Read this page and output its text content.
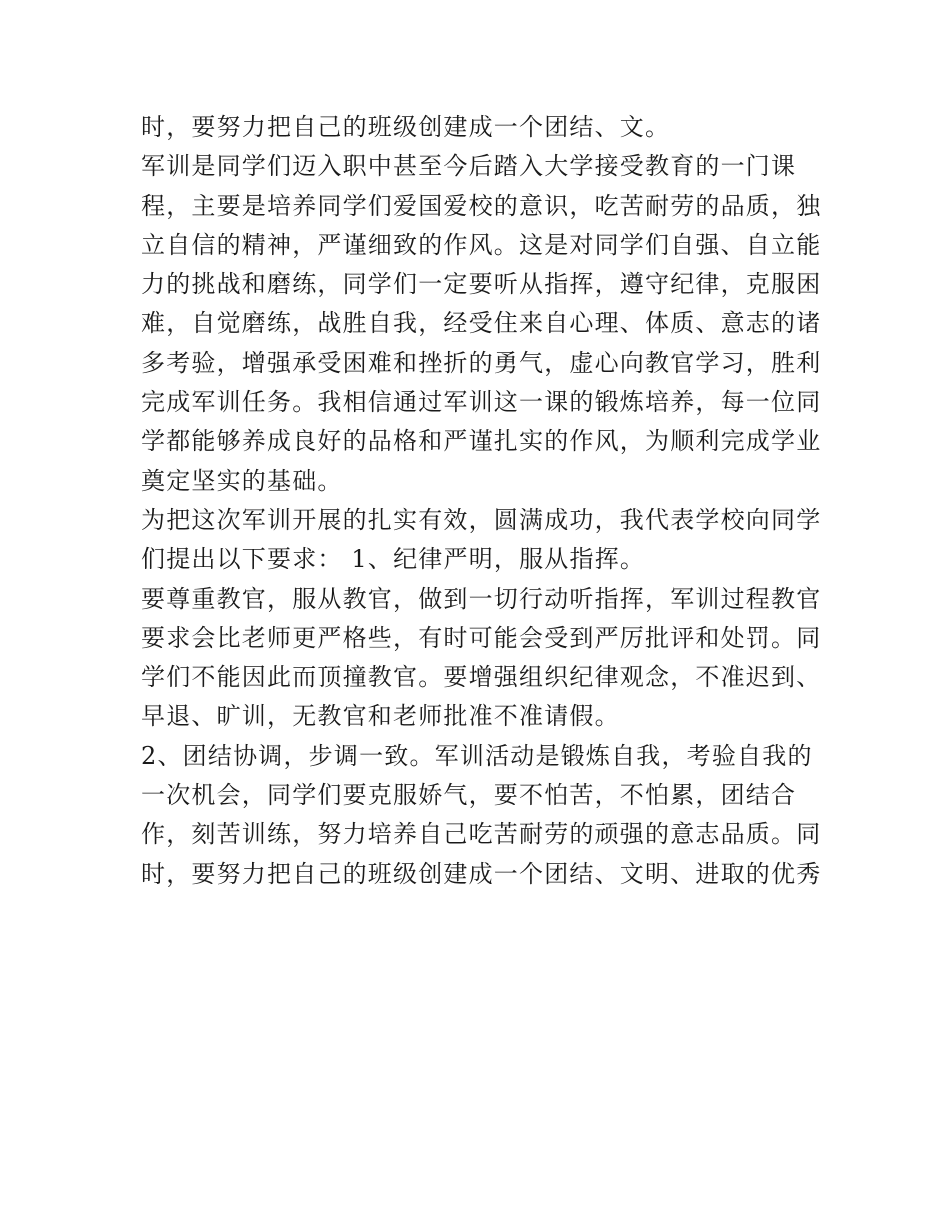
时，要努力把自己的班级创建成一个团结、文。
军训是同学们迈入职中甚至今后踏入大学接受教育的一门课
程，主要是培养同学们爱国爱校的意识，吃苦耐劳的品质，独
立自信的精神，严谨细致的作风。这是对同学们自强、自立能
力的挑战和磨练，同学们一定要听从指挥，遵守纪律，克服困
难，自觉磨练，战胜自我，经受住来自心理、体质、意志的诸
多考验，增强承受困难和挫折的勇气，虚心向教官学习，胜利
完成军训任务。我相信通过军训这一课的锻炼培养，每一位同
学都能够养成良好的品格和严谨扎实的作风，为顺利完成学业
奠定坚实的基础。
为把这次军训开展的扎实有效，圆满成功，我代表学校向同学
们提出以下要求： 1、纪律严明，服从指挥。
要尊重教官，服从教官，做到一切行动听指挥，军训过程教官
要求会比老师更严格些，有时可能会受到严厉批评和处罚。同
学们不能因此而顶撞教官。要增强组织纪律观念，不准迟到、
早退、旷训，无教官和老师批准不准请假。
2、团结协调，步调一致。军训活动是锻炼自我，考验自我的
一次机会，同学们要克服娇气，要不怕苦，不怕累，团结合
作，刻苦训练，努力培养自己吃苦耐劳的顽强的意志品质。同
时，要努力把自己的班级创建成一个团结、文明、进取的优秀
